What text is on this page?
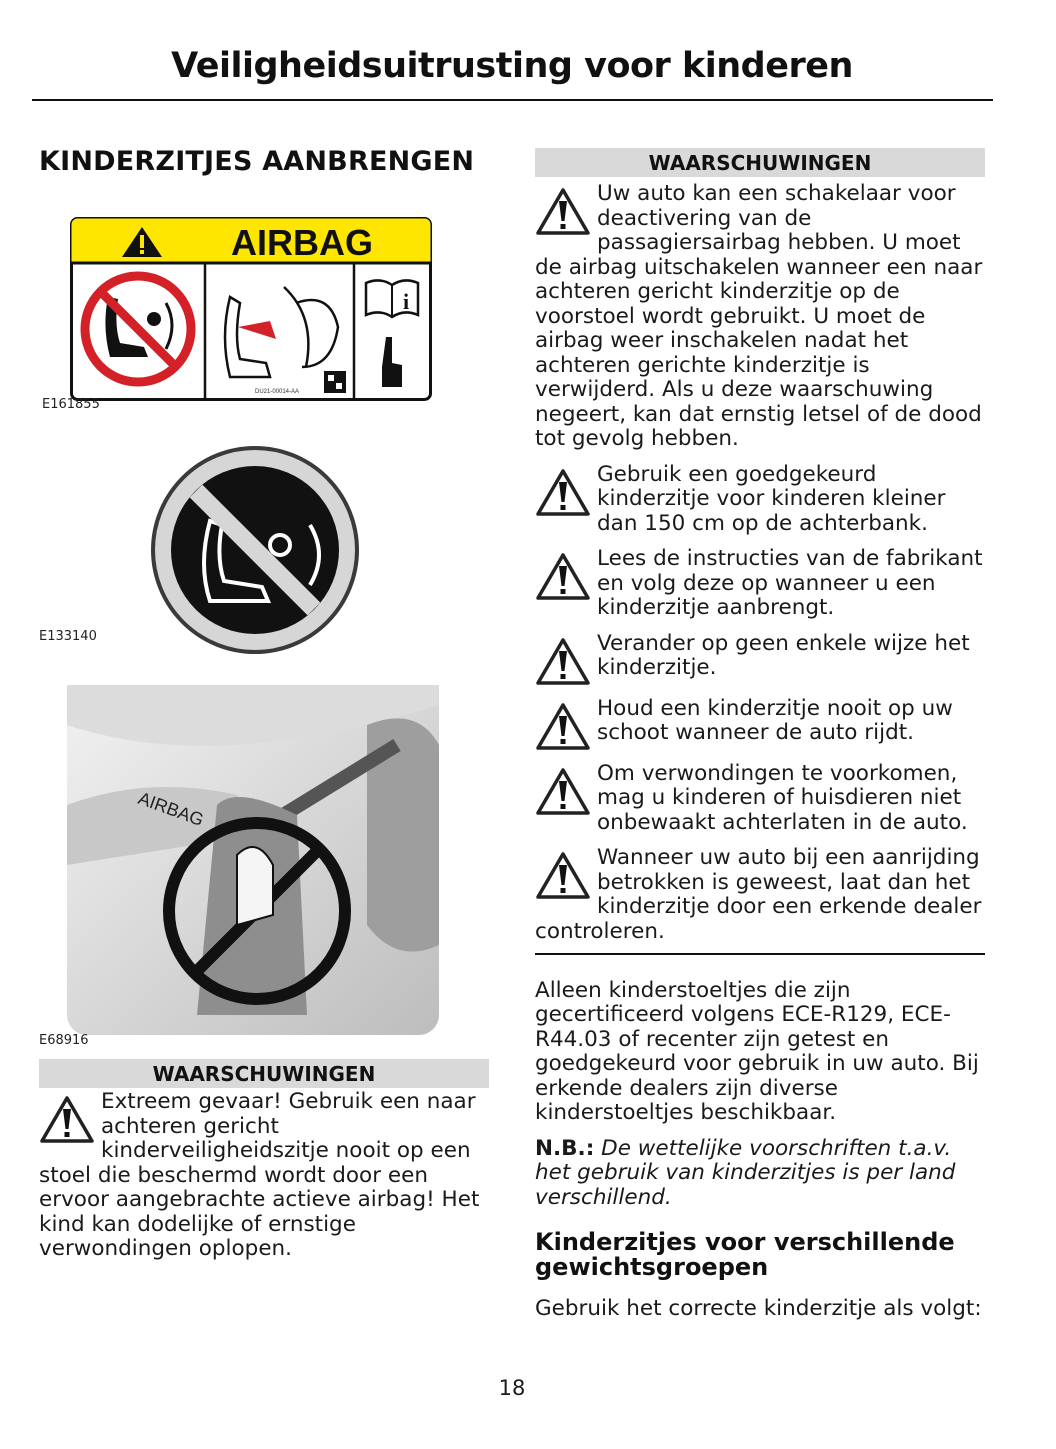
Veiligheidsuitrusting voor kinderen
KINDERZITJES AANBRENGEN
AIRBAG
DU21-00014-AA
i
E161855
E133140
AIRBAG
E68916
WAARSCHUWINGEN
Extreem gevaar! Gebruik een naar achteren gericht kinderveiligheidszitje nooit op een stoel die beschermd wordt door een ervoor aangebrachte actieve airbag! Het kind kan dodelijke of ernstige verwondingen oplopen.
WAARSCHUWINGEN
Uw auto kan een schakelaar voor deactivering van de passagiersairbag hebben. U moet de airbag uitschakelen wanneer een naar achteren gericht kinderzitje op de voorstoel wordt gebruikt. U moet de airbag weer inschakelen nadat het achteren gerichte kinderzitje is verwijderd. Als u deze waarschuwing negeert, kan dat ernstig letsel of de dood tot gevolg hebben.
Gebruik een goedgekeurd kinderzitje voor kinderen kleiner dan 150 cm op de achterbank.
Lees de instructies van de fabrikant en volg deze op wanneer u een kinderzitje aanbrengt.
Verander op geen enkele wijze het kinderzitje.
Houd een kinderzitje nooit op uw schoot wanneer de auto rijdt.
Om verwondingen te voorkomen, mag u kinderen of huisdieren niet onbewaakt achterlaten in de auto.
Wanneer uw auto bij een aanrijding betrokken is geweest, laat dan het kinderzitje door een erkende dealer controleren.
Alleen kinderstoeltjes die zijn gecertificeerd volgens ECE-R129, ECE-R44.03 of recenter zijn getest en goedgekeurd voor gebruik in uw auto. Bij erkende dealers zijn diverse kinderstoeltjes beschikbaar.
N.B.: De wettelijke voorschriften t.a.v. het gebruik van kinderzitjes is per land verschillend.
Kinderzitjes voor verschillende gewichtsgroepen
Gebruik het correcte kinderzitje als volgt:
18
